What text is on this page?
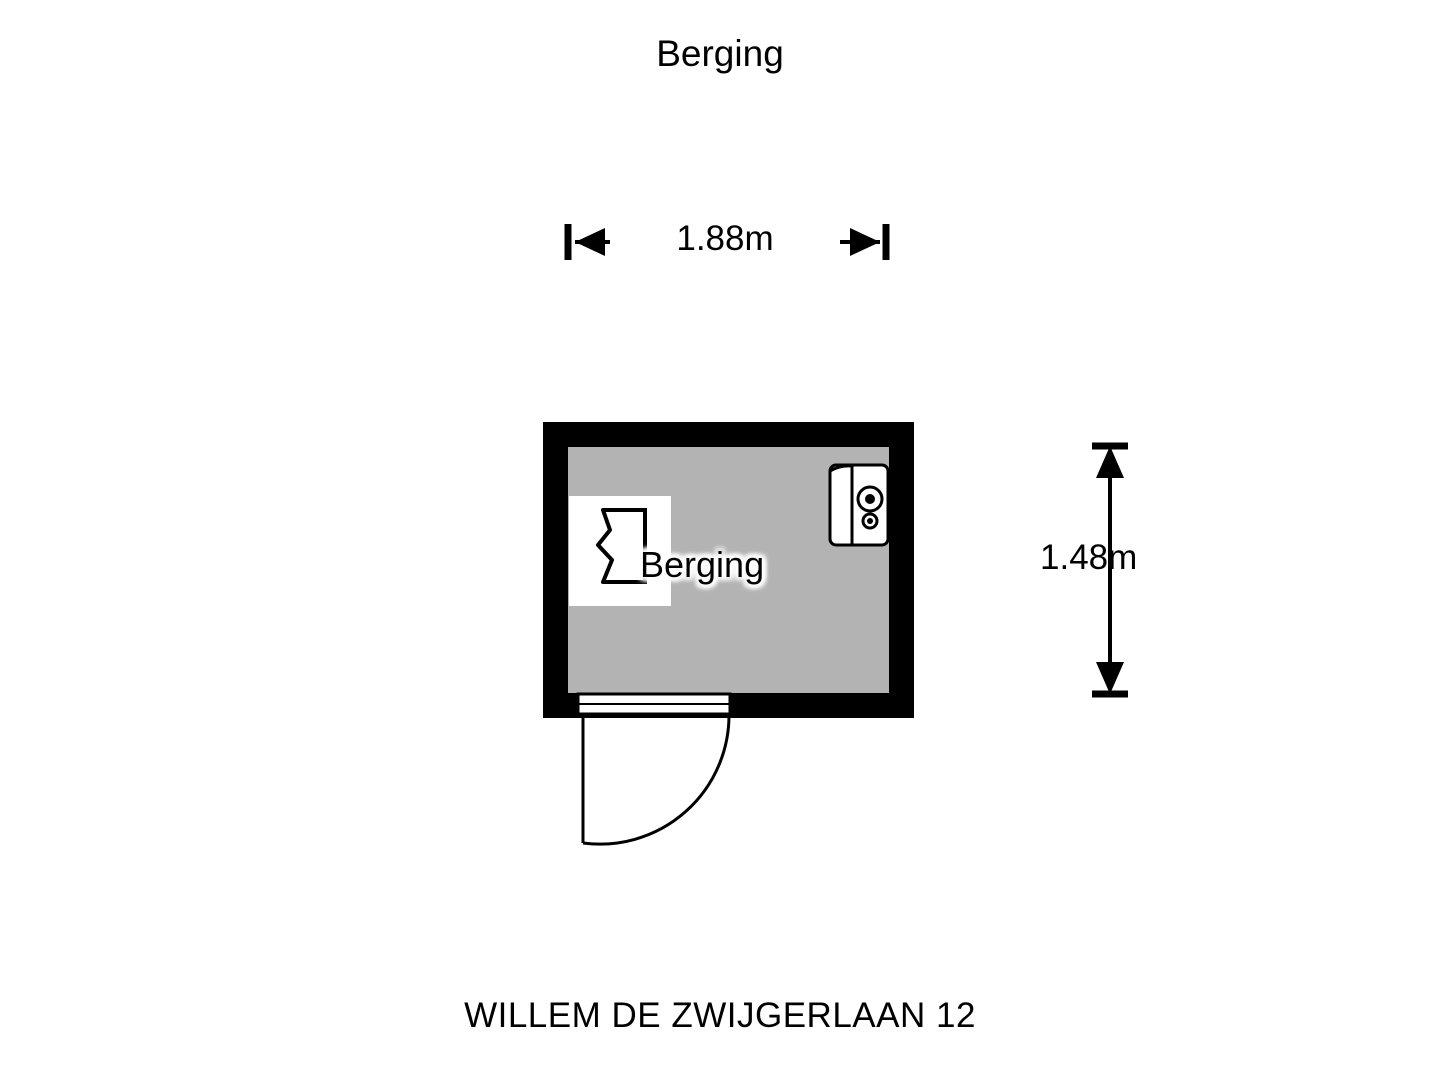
Berging
1.88m
1.48m
Berging
WILLEM DE ZWIJGERLAAN 12
